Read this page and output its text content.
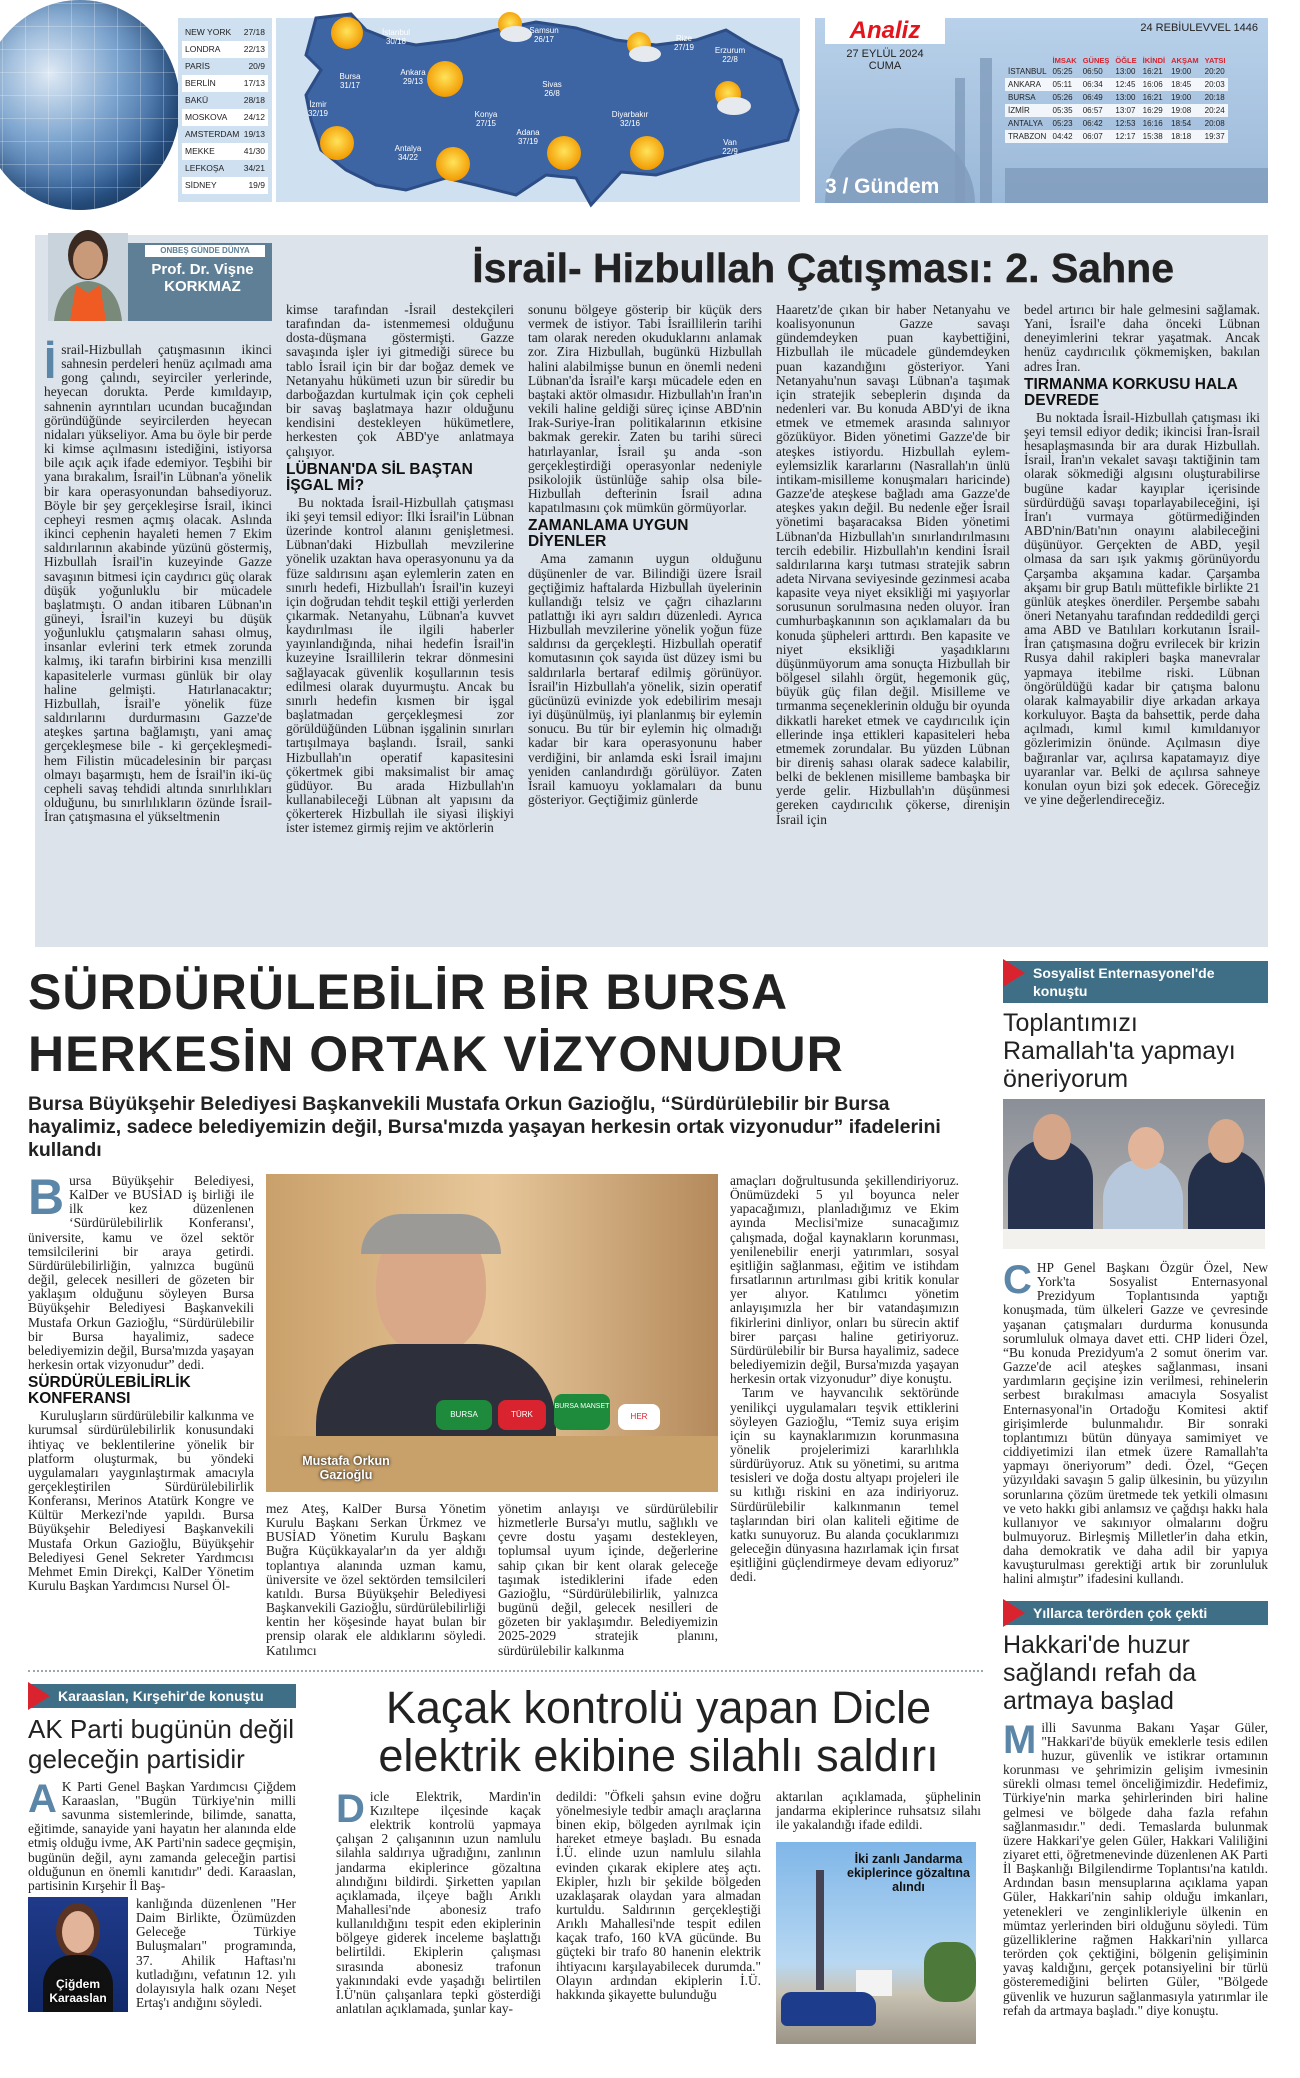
NEW YORK 27/18
LONDRA	22/13
PARİS	20/9
BERLİN	17/13
BAKÜ	28/18
MOSKOVA 24/12
AMSTERDAM 19/13
MEKKE	41/30
LEFKOŞA 34/21
SİDNEY	19/9
İstanbul
30/18
Samsun
26/17	Rize
27/19	Erzurum
22/8
Bursa
31/17
Ankara
29/13	Sivas
26/8
İzmir
32/19	Konya
27/15
Adana
37/19
Diyarbakır
32/16
Van
22/9
Antalya
34/22
Analiz
27 EYLÜL 2024
CUMA
24 REBİULEVVEL 1446
	İMSAK	GÜNEŞ	ÖĞLE	İKİNDİ	AKŞAM	YATSI
İSTANBUL	05:25	06:50	13:00	16:21	19:00	20:20
ANKARA	05:11	06:34	12:45	16:06	18:45	20:03
BURSA	05:26	06:49	13:00	16:21	19:00	20:18
İZMİR	05:35	06:57	13:07	16:29	19:08	20:24
ANTALYA	05:23	06:42	12:53	16:16	18:54	20:08
TRABZON	04:42	06:07	12:17	15:38	18:18	19:37
3 / Gündem
ONBEŞ GÜNDE DÜNYA
Prof. Dr. Vişne
KORKMAZ	İsrail- Hizbullah Çatışması: 2. Sahne
İ srail-Hizbullah çatışmasının ikinci sahnesin perdeleri henüz açılmadı ama gong çalındı, seyirciler yerlerinde, heyecan dorukta. Perde kımıldayıp, sahnenin ayrıntıları ucundan bucağından göründüğünde seyircilerden heyecan nidaları yükseliyor. Ama bu öyle bir perde ki kimse açılmasını istediğini, istiyorsa bile açık açık ifade edemiyor. Teşbihi bir yana bırakalım, İsrail'in Lübnan'a yönelik bir kara operasyonundan bahsediyoruz. Böyle bir şey gerçekleşirse İsrail, ikinci cepheyi resmen açmış olacak. Aslında ikinci cephenin hayaleti hemen 7 Ekim saldırılarının akabinde yüzünü göstermiş, Hizbullah İsrail'in kuzeyinde Gazze savaşının bitmesi için caydırıcı güç olarak düşük yoğunluklu bir mücadele başlatmıştı. O andan itibaren Lübnan'ın güneyi, İsrail'in kuzeyi bu düşük yoğunluklu çatışmaların sahası olmuş, insanlar evlerini terk etmek zorunda kalmış, iki tarafın birbirini kısa menzilli kapasitelerle vurması günlük bir olay haline gelmişti. Hatırlanacaktır; Hizbullah, İsrail'e yönelik füze saldırılarını durdurmasını Gazze'de ateşkes şartına bağlamıştı, yani amaç gerçekleşmese bile - ki gerçekleşmedi- hem Filistin mücadelesinin bir parçası olmayı başarmıştı, hem de İsrail'in iki-üç cepheli savaş tehdidi altında sınırlılıkları olduğunu, bu sınırlılıkların özünde İsrail-İran çatışmasına el yükseltmenin

kimse tarafından -İsrail destekçileri tarafından da- istenmemesi olduğunu dosta-düşmana göstermişti. Gazze savaşında işler iyi gitmediği sürece bu tablo İsrail için bir dar boğaz demek ve Netanyahu hükümeti uzun bir süredir bu darboğazdan kurtulmak için çok cepheli bir savaş başlatmaya hazır olduğunu kendisini destekleyen hükümetlere, herkesten çok ABD'ye anlatmaya çalışıyor.

LÜBNAN'DA SİL BAŞTAN İŞGAL Mİ?

Bu noktada İsrail-Hizbullah çatışması iki şeyi temsil ediyor: İlki İsrail'in Lübnan üzerinde kontrol alanını genişletmesi. Lübnan'daki Hizbullah mevzilerine yönelik uzaktan hava operasyonunu ya da füze saldırısını aşan eylemlerin zaten en sınırlı hedefi, Hizbullah'ı İsrail'in kuzeyi için doğrudan tehdit teşkil ettiği yerlerden çıkarmak. Netanyahu, Lübnan'a kuvvet kaydırılması ile ilgili haberler yayınlandığında, nihai hedefin İsrail'in kuzeyine İsraillilerin tekrar dönmesini sağlayacak güvenlik koşullarının tesis edilmesi olarak duyurmuştu. Ancak bu sınırlı hedefin kısmen bir işgal başlatmadan gerçekleşmesi zor görüldüğünden Lübnan işgalinin sınırları tartışılmaya başlandı. İsrail, sanki Hizbullah'ın operatif kapasitesini çökertmek gibi maksimalist bir amaç güdüyor. Bu arada Hizbullah'ın kullanabileceği Lübnan alt yapısını da çökerterek Hizbullah ile siyasi ilişkiyi ister istemez girmiş rejim ve aktörlerin

sonunu bölgeye gösterip bir küçük ders vermek de istiyor. Tabi İsraillilerin tarihi tam olarak nereden okuduklarını anlamak zor. Zira Hizbullah, bugünkü Hizbullah halini alabilmişse bunun en önemli nedeni Lübnan'da İsrail'e karşı mücadele eden en baştaki aktör olmasıdır. Hizbullah'ın İran'ın vekili haline geldiği süreç içinse ABD'nin Irak-Suriye-İran politikalarının etkisine bakmak gerekir. Zaten bu tarihi süreci hatırlayanlar, İsrail şu anda -son gerçekleştirdiği operasyonlar nedeniyle psikolojik üstünlüğe sahip olsa bile- Hizbullah defterinin İsrail adına kapatılmasını çok mümkün görmüyorlar.

ZAMANLAMA UYGUN DİYENLER

Ama zamanın uygun olduğunu düşünenler de var. Bilindiği üzere İsrail geçtiğimiz haftalarda Hizbullah üyelerinin kullandığı telsiz ve çağrı cihazlarını patlattığı iki ayrı saldırı düzenledi. Ayrıca Hizbullah mevzilerine yönelik yoğun füze saldırısı da gerçekleşti. Hizbullah operatif komutasının çok sayıda üst düzey ismi bu saldırılarla bertaraf edilmiş görünüyor. İsrail'in Hizbullah'a yönelik, sizin operatif gücünüzü evinizde yok edebilirim mesajı iyi düşünülmüş, iyi planlanmış bir eylemin sonucu. Bu tür bir eylemin hiç olmadığı kadar bir kara operasyonunu haber verdiğini, bir anlamda eski İsrail imajını yeniden canlandırdığı görülüyor. Zaten İsrail kamuoyu yoklamaları da bunu gösteriyor. Geçtiğimiz günlerde

Haaretz'de çıkan bir haber Netanyahu ve koalisyonunun Gazze savaşı gündemdeyken puan kaybettiğini, Hizbullah ile mücadele gündemdeyken puan kazandığını gösteriyor. Yani Netanyahu'nun savaşı Lübnan'a taşımak için stratejik sebeplerin dışında da nedenleri var. Bu konuda ABD'yi de ikna etmek ve etmemek arasında salınıyor gözüküyor. Biden yönetimi Gazze'de bir ateşkes istiyordu. Hizbullah eylem-eylemsizlik kararlarını (Nasrallah'ın ünlü intikam-misilleme konuşmaları haricinde) Gazze'de ateşkese bağladı ama Gazze'de ateşkes yakın değil. Bu nedenle eğer İsrail yönetimi başaracaksa Biden yönetimi Lübnan'da Hizbullah'ın sınırlandırılmasını tercih edebilir. Hizbullah'ın kendini İsrail saldırılarına karşı tutması stratejik sabrın adeta Nirvana seviyesinde gezinmesi acaba kapasite veya niyet eksikliği mi yaşıyorlar sorusunun sorulmasına neden oluyor. İran cumhurbaşkanının son açıklamaları da bu konuda şüpheleri arttırdı. Ben kapasite ve niyet eksikliği yaşadıklarını düşünmüyorum ama sonuçta Hizbullah bir bölgesel silahlı örgüt, hegemonik güç, büyük güç filan değil. Misilleme ve tırmanma seçeneklerinin olduğu bir oyunda dikkatli hareket etmek ve caydırıcılık için ellerinde inşa ettikleri kapasiteleri heba etmemek zorundalar. Bu yüzden Lübnan bir direniş sahası olarak sadece kalabilir, belki de beklenen misilleme bambaşka bir yerde gelir. Hizbullah'ın düşünmesi gereken caydırıcılık çökerse, direnişin İsrail için

bedel artırıcı bir hale gelmesini sağlamak. Yani, İsrail'e daha önceki Lübnan deneyimlerini tekrar yaşatmak. Ancak henüz caydırıcılık çökmemişken, bakılan adres İran.

TIRMANMA KORKUSU HALA DEVREDE

Bu noktada İsrail-Hizbullah çatışması iki şeyi temsil ediyor dedik; ikincisi İran-İsrail hesaplaşmasında bir ara durak Hizbullah. İsrail, İran'ın vekalet savaşı taktiğinin tam olarak sökmediği algısını oluşturabilirse bugüne kadar kayıplar içerisinde sürdürdüğü savaşı toparlayabileceğini, işi İran'ı vurmaya götürmediğinden ABD'nin/Batı'nın onayını alabileceğini düşünüyor. Gerçekten de ABD, yeşil olmasa da sarı ışık yakmış görünüyordu Çarşamba akşamına kadar. Çarşamba akşamı bir grup Batılı müttefikle birlikte 21 günlük ateşkes önerdiler. Perşembe sabahı öneri Netanyahu tarafından reddedildi gerçi ama ABD ve Batılıları korkutanın İsrail-İran çatışmasına doğru evrilecek bir krizin Rusya dahil rakipleri başka manevralar yapmaya itebilme riski. Lübnan öngörüldüğü kadar bir çatışma balonu olarak kalmayabilir diye arkadan arkaya korkuluyor. Başta da bahsettik, perde daha açılmadı, kımıl kımıl kımıldanıyor gözlerimizin önünde. Açılmasın diye bağıranlar var, açılırsa kapatamayız diye uyaranlar var. Belki de açılırsa sahneye konulan oyun bizi şok edecek. Göreceğiz ve yine değerlendireceğiz.

SÜRDÜRÜLEBİLİR BİR BURSA
HERKESİN ORTAK VİZYONUDUR
Bursa Büyükşehir Belediyesi Başkanvekili Mustafa Orkun Gazioğlu, “Sürdürülebilir bir Bursa hayalimiz, sadece belediyemizin değil, Bursa'mızda yaşayan herkesin ortak vizyonudur” ifadelerini kullandı
B ursa Büyükşehir Belediyesi, KalDer ve BUSİAD iş birliği ile ilk kez düzenlenen ‘Sürdürülebilirlik Konferansı', üniversite, kamu ve özel sektör temsilcilerini bir araya getirdi. Sürdürülebilirliğin, yalnızca bugünü değil, gelecek nesilleri de gözeten bir yaklaşım olduğunu söyleyen Bursa Büyükşehir Belediyesi Başkanvekili Mustafa Orkun Gazioğlu, “Sürdürülebilir bir Bursa hayalimiz, sadece belediyemizin değil, Bursa'mızda yaşayan herkesin ortak vizyonudur” dedi.

SÜRDÜRÜLEBİLİRLİK KONFERANSI

Kuruluşların sürdürülebilir kalkınma ve kurumsal sürdürülebilirlik konusundaki ihtiyaç ve beklentilerine yönelik bir platform oluşturmak, bu yöndeki uygulamaları yaygınlaştırmak amacıyla gerçekleştirilen Sürdürülebilirlik Konferansı, Merinos Atatürk Kongre ve Kültür Merkezi'nde yapıldı. Bursa Büyükşehir Belediyesi Başkanvekili Mustafa Orkun Gazioğlu, Büyükşehir Belediyesi Genel Sekreter Yardımcısı Mehmet Emin Direkçi, KalDer Yönetim Kurulu Başkan Yardımcısı Nursel Öl-

BURSA	TÜRK
BURSA MANSET
HER
Mustafa Orkun
Gazioğlu

mez Ateş, KalDer Bursa Yönetim Kurulu Başkanı Serkan Ürkmez ve BUSİAD Yönetim Kurulu Başkanı Buğra Küçükkayalar'ın da yer aldığı toplantıya alanında uzman kamu, üniversite ve özel sektörden temsilcileri katıldı. Bursa Büyükşehir Belediyesi Başkanvekili Gazioğlu, sürdürülebilirliği kentin her köşesinde hayat bulan bir prensip olarak ele aldıklarını söyledi. Katılımcı

yönetim anlayışı ve sürdürülebilir hizmetlerle Bursa'yı mutlu, sağlıklı ve çevre dostu yaşamı destekleyen, toplumsal uyum içinde, değerlerine sahip çıkan bir kent olarak geleceğe taşımak istediklerini ifade eden Gazioğlu, “Sürdürülebilirlik, yalnızca bugünü değil, gelecek nesilleri de gözeten bir yaklaşımdır. Belediyemizin 2025-2029 stratejik planını, sürdürülebilir kalkınma

amaçları doğrultusunda şekillendiriyoruz. Önümüzdeki 5 yıl boyunca neler yapacağımızı, planladığımız ve Ekim ayında Meclisi'mize sunacağımız çalışmada, doğal kaynakların korunması, yenilenebilir enerji yatırımları, sosyal eşitliğin sağlanması, eğitim ve istihdam fırsatlarının artırılması gibi kritik konular yer alıyor. Katılımcı yönetim anlayışımızla her bir vatandaşımızın fikirlerini dinliyor, onları bu sürecin aktif birer parçası haline getiriyoruz. Sürdürülebilir bir Bursa hayalimiz, sadece belediyemizin değil, Bursa'mızda yaşayan herkesin ortak vizyonudur” diye konuştu.

Tarım ve hayvancılık sektöründe yenilikçi uygulamaları teşvik ettiklerini söyleyen Gazioğlu, “Temiz suya erişim için su kaynaklarımızın korunmasına yönelik projelerimizi kararlılıkla sürdürüyoruz. Atık su yönetimi, su arıtma tesisleri ve doğa dostu altyapı projeleri ile su kıtlığı riskini en aza indiriyoruz. Sürdürülebilir kalkınmanın temel taşlarından biri olan kaliteli eğitime de katkı sunuyoruz. Bu alanda çocuklarımızı geleceğin dünyasına hazırlamak için fırsat eşitliğini güçlendirmeye devam ediyoruz” dedi.

Karaaslan, Kırşehir'de konuştu
AK Parti bugünün değil geleceğin partisidir
A K Parti Genel Başkan Yardımcısı Çiğdem Karaaslan, "Bugün Türkiye'nin milli savunma sistemlerinde, bilimde, sanatta, eğitimde, sanayide yani hayatın her alanında elde etmiş olduğu ivme, AK Parti'nin sadece geçmişin, bugünün değil, aynı zamanda geleceğin partisi olduğunun en önemli kanıtıdır" dedi. Karaaslan, partisinin Kırşehir İl Baş-

Çiğdem
Karaaslan

kanlığında düzenlenen "Her Daim Birlikte, Özümüzden Geleceğe Türkiye Buluşmaları" programında, 37. Ahilik Haftası'nı kutladığını, vefatının 12. yılı dolayısıyla halk ozanı Neşet Ertaş'ı andığını söyledi.

Kaçak kontrolü yapan Dicle elektrik ekibine silahlı saldırı
D icle Elektrik, Mardin'in Kızıltepe ilçesinde kaçak elektrik kontrolü yapmaya çalışan 2 çalışanının uzun namlulu silahla saldırıya uğradığını, zanlının jandarma ekiplerince gözaltına alındığını bildirdi. Şirketten yapılan açıklamada, ilçeye bağlı Arıklı Mahallesi'nde abonesiz trafo kullanıldığını tespit eden ekiplerinin bölgeye giderek inceleme başlattığı belirtildi. Ekiplerin çalışması sırasında abonesiz trafonun yakınındaki evde yaşadığı belirtilen İ.Ü'nün çalışanlara tepki gösterdiği anlatılan açıklamada, şunlar kay-

dedildi: "Öfkeli şahsın evine doğru yönelmesiyle tedbir amaçlı araçlarına binen ekip, bölgeden ayrılmak için hareket etmeye başladı. Bu esnada İ.Ü. elinde uzun namlulu silahla evinden çıkarak ekiplere ateş açtı. Ekipler, hızlı bir şekilde bölgeden uzaklaşarak olaydan yara almadan kurtuldu. Saldırının gerçekleştiği Arıklı Mahallesi'nde tespit edilen kaçak trafo, 160 kVA gücünde. Bu güçteki bir trafo 80 hanenin elektrik ihtiyacını karşılayabilecek durumda." Olayın ardından ekiplerin İ.Ü. hakkında şikayette bulunduğu

aktarılan açıklamada, şüphelinin jandarma ekiplerince ruhsatsız silahı ile yakalandığı ifade edildi.

İki zanlı Jandarma ekiplerince gözaltına alındı
Sosyalist Enternasyonel'de konuştu
Toplantımızı Ramallah'ta yapmayı öneriyorum
C HP Genel Başkanı Özgür Özel, New York'ta Sosyalist Enternasyonal Prezidyum Toplantısında yaptığı konuşmada, tüm ülkeleri Gazze ve çevresinde yaşanan çatışmaları durdurma konusunda sorumluluk olmaya davet etti. CHP lideri Özel, “Bu konuda Prezidyum'a 2 somut önerim var. Gazze'de acil ateşkes sağlanması, insani yardımların geçişine izin verilmesi, rehinelerin serbest bırakılması amacıyla Sosyalist Enternasyonal'in Ortadoğu Komitesi aktif girişimlerde bulunmalıdır. Bir sonraki toplantımızı bütün dünyaya samimiyet ve ciddiyetimizi ilan etmek üzere Ramallah'ta yapmayı öneriyorum” dedi. Özel, “Geçen yüzyıldaki savaşın 5 galip ülkesinin, bu yüzyılın sorunlarına çözüm üretmede tek yetkili olmasını ve veto hakkı gibi anlamsız ve çağdışı hakkı hala kullanıyor ve sakınıyor olmalarını doğru bulmuyoruz. Birleşmiş Milletler'in daha etkin, daha demokratik ve daha adil bir yapıya kavuşturulması gerektiği artık bir zorunluluk halini almıştır” ifadesini kullandı.

Yıllarca terörden çok çekti
Hakkari'de huzur sağlandı refah da artmaya başlad
M illi Savunma Bakanı Yaşar Güler, "Hakkari'de büyük emeklerle tesis edilen huzur, güvenlik ve istikrar ortamının korunması ve şehrimizin gelişim ivmesinin sürekli olması temel önceliğimizdir. Hedefimiz, Türkiye'nin marka şehirlerinden biri haline gelmesi ve bölgede daha fazla refahın sağlanmasıdır." dedi. Temaslarda bulunmak üzere Hakkari'ye gelen Güler, Hakkari Valiliğini ziyaret etti, öğretmenevinde düzenlenen AK Parti İl Başkanlığı Bilgilendirme Toplantısı'na katıldı. Ardından basın mensuplarına açıklama yapan Güler, Hakkari'nin sahip olduğu imkanları, yetenekleri ve zenginlikleriyle ülkenin en mümtaz yerlerinden biri olduğunu söyledi. Tüm güzelliklerine rağmen Hakkari'nin yıllarca terörden çok çektiğini, bölgenin gelişiminin yavaş kaldığını, gerçek potansiyelini bir türlü gösteremediğini belirten Güler, "Bölgede güvenlik ve huzurun sağlanmasıyla yatırımlar ile refah da artmaya başladı." diye konuştu.
